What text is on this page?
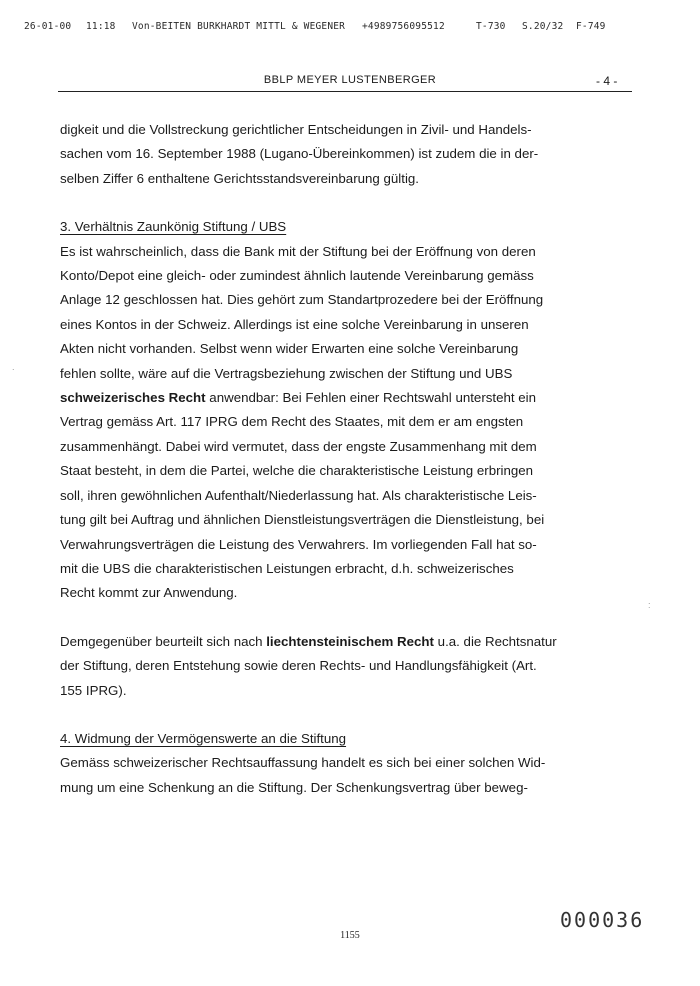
26-01-00 11:18 Von-BEITEN BURKHARDT MITTL & WEGENER +4989756095512	T-730 S.20/32 F-749
BBLP MEYER LUSTENBERGER	- 4 -

digkeit und die Vollstreckung gerichtlicher Entscheidungen in Zivil- und Handels-
sachen vom 16. September 1988 (Lugano-Übereinkommen) ist zudem die in der-
selben Ziffer 6 enthaltene Gerichtsstandsvereinbarung gültig.

3. Verhältnis Zaunkönig Stiftung / UBS

Es ist wahrscheinlich, dass die Bank mit der Stiftung bei der Eröffnung von deren
Konto/Depot eine gleich- oder zumindest ähnlich lautende Vereinbarung gemäss
Anlage 12 geschlossen hat. Dies gehört zum Standartprozedere bei der Eröffnung
eines Kontos in der Schweiz. Allerdings ist eine solche Vereinbarung in unseren
Akten nicht vorhanden. Selbst wenn wider Erwarten eine solche Vereinbarung
fehlen sollte, wäre auf die Vertragsbeziehung zwischen der Stiftung und UBS
schweizerisches Recht anwendbar: Bei Fehlen einer Rechtswahl untersteht ein
Vertrag gemäss Art. 117 IPRG dem Recht des Staates, mit dem er am engsten
zusammenhängt. Dabei wird vermutet, dass der engste Zusammenhang mit dem
Staat besteht, in dem die Partei, welche die charakteristische Leistung erbringen
soll, ihren gewöhnlichen Aufenthalt/Niederlassung hat. Als charakteristische Leis-
tung gilt bei Auftrag und ähnlichen Dienstleistungsverträgen die Dienstleistung, bei
Verwahrungsverträgen die Leistung des Verwahrers. Im vorliegenden Fall hat so-
mit die UBS die charakteristischen Leistungen erbracht, d.h. schweizerisches
Recht kommt zur Anwendung.

Demgegenüber beurteilt sich nach liechtensteinischem Recht u.a. die Rechtsnatur
der Stiftung, deren Entstehung sowie deren Rechts- und Handlungsfähigkeit (Art.
155 IPRG).

4. Widmung der Vermögenswerte an die Stiftung

Gemäss schweizerischer Rechtsauffassung handelt es sich bei einer solchen Wid-
mung um eine Schenkung an die Stiftung. Der Schenkungsvertrag über beweg-

000036
1155
.
:
